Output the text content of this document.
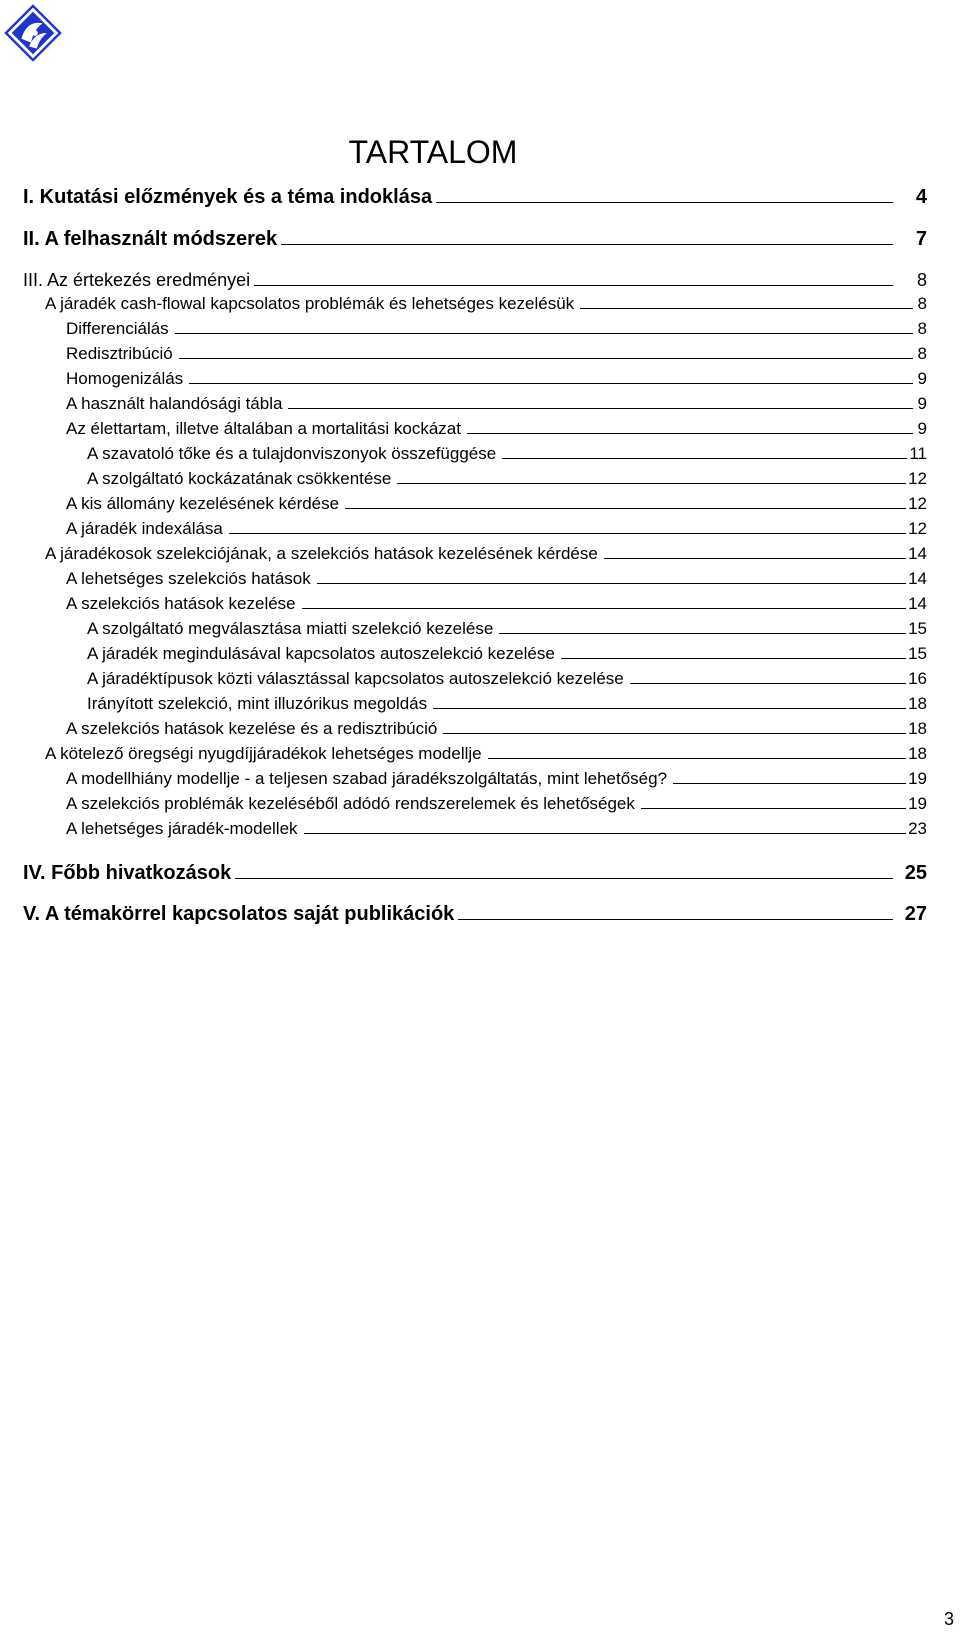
TARTALOM
I. Kutatási előzmények és a téma indoklása	4
II. A felhasznált módszerek	7
III. Az értekezés eredményei	8
A járadék cash-flowal kapcsolatos problémák és lehetséges kezelésük	8
Differenciálás	8
Redisztribúció	8
Homogenizálás	9
A használt halandósági tábla	9
Az élettartam, illetve általában a mortalitási kockázat	9
A szavatoló tőke és a tulajdonviszonyok összefüggése	11
A szolgáltató kockázatának csökkentése	12
A kis állomány kezelésének kérdése	12
A járadék indexálása	12
A járadékosok szelekciójának, a szelekciós hatások kezelésének kérdése	14
A lehetséges szelekciós hatások	14
A szelekciós hatások kezelése	14
A szolgáltató megválasztása miatti szelekció kezelése	15
A járadék megindulásával kapcsolatos autoszelekció kezelése	15
A járadéktípusok közti választással kapcsolatos autoszelekció kezelése	16
Irányított szelekció, mint illuzórikus megoldás	18
A szelekciós hatások kezelése és a redisztribúció	18
A kötelező öregségi nyugdíjjáradékok lehetséges modellje	18
A modellhiány modellje - a teljesen szabad járadékszolgáltatás, mint lehetőség?	19
A szelekciós problémák kezeléséből adódó rendszerelemek és lehetőségek	19
A lehetséges járadék-modellek	23
IV. Főbb hivatkozások	25
V. A témakörrel kapcsolatos saját publikációk	27
3
